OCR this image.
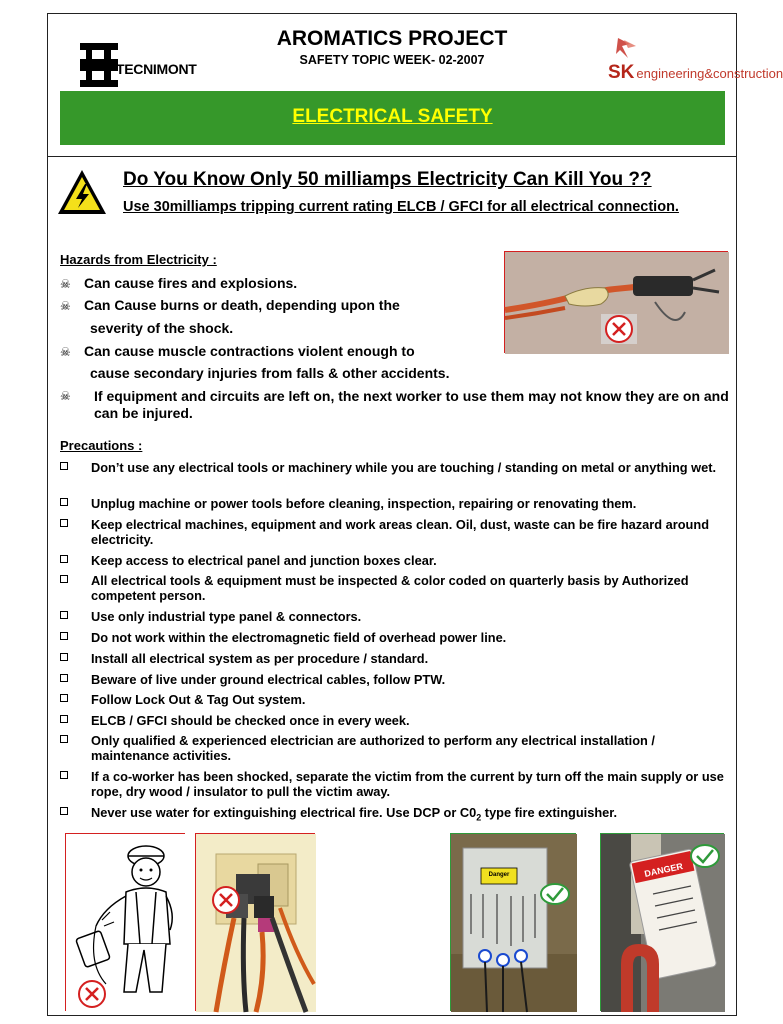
TECNIMONT
AROMATICS PROJECT
SAFETY TOPIC WEEK- 02-2007
SK engineering&construction
ELECTRICAL SAFETY
Do You Know Only 50 milliamps Electricity Can Kill You ??
Use 30milliamps tripping current rating ELCB / GFCI for all electrical connection.
Hazards from Electricity :
☠ Can cause fires and explosions.
☠ Can Cause burns or death, depending upon the
severity of the shock.
☠ Can cause muscle contractions violent enough to
cause secondary injuries from falls & other accidents.
☠ If equipment and circuits are left on, the next worker to use them may not know they are on and can be injured.
Precautions :
Don’t use any electrical tools or machinery while you are touching / standing on metal or anything wet.
Unplug machine or power tools before cleaning, inspection, repairing or renovating them.
Keep electrical machines, equipment and work areas clean. Oil, dust, waste can be fire hazard around electricity.
Keep access to electrical panel and junction boxes clear.
All electrical tools & equipment must be inspected & color coded on quarterly basis by Authorized competent person.
Use only industrial type panel & connectors.
Do not work within the electromagnetic field of overhead power line.
Install all electrical system as per procedure / standard.
Beware of live under ground electrical cables, follow PTW.
Follow Lock Out & Tag Out system.
ELCB / GFCI should be checked once in every week.
Only qualified & experienced electrician are authorized to perform any electrical installation / maintenance activities.
If a co-worker has been shocked, separate the victim from the current by turn off the main supply or use rope, dry wood / insulator to pull the victim away.
Never use water for extinguishing electrical fire. Use DCP or $C0_2$ type fire extinguisher.
Danger	DANGER
